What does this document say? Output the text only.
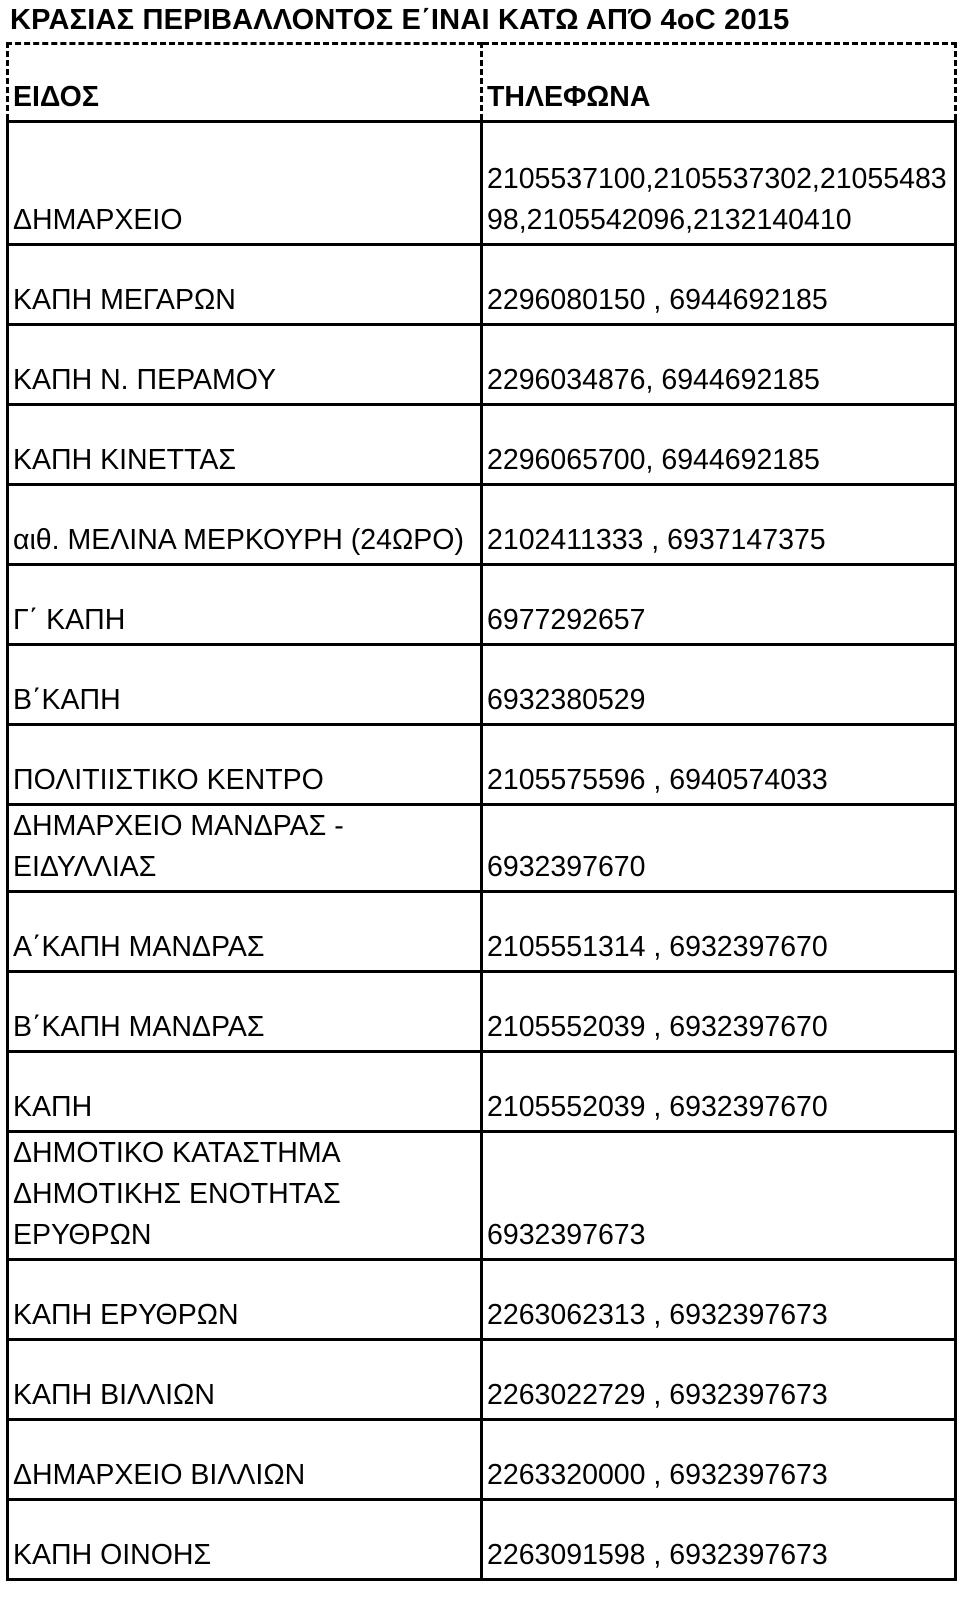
ΚΡΑΣΙΑΣ ΠΕΡΙΒΑΛΛΟΝΤΟΣ Ε΄ΙΝΑΙ ΚΑΤΩ ΑΠΌ 4oC 2015
ΕΙΔΟΣ	ΤΗΛΕΦΩΝΑ
ΔΗΜΑΡΧΕΙΟ	2105537100,2105537302,2105548398,2105542096,2132140410
ΚΑΠΗ ΜΕΓΑΡΩΝ	2296080150 , 6944692185
ΚΑΠΗ Ν. ΠΕΡΑΜΟΥ	2296034876, 6944692185
ΚΑΠΗ ΚΙΝΕΤΤΑΣ	2296065700, 6944692185
αιθ. ΜΕΛΙΝΑ ΜΕΡΚΟΥΡΗ (24ΩΡΟ)	2102411333 , 6937147375
Γ΄ ΚΑΠΗ	6977292657
Β΄ΚΑΠΗ	6932380529
ΠΟΛΙΤΙΙΣΤΙΚΟ ΚΕΝΤΡΟ	2105575596 , 6940574033
ΔΗΜΑΡΧΕΙΟ ΜΑΝΔΡΑΣ - ΕΙΔΥΛΛΙΑΣ	6932397670
Α΄ΚΑΠΗ ΜΑΝΔΡΑΣ	2105551314 , 6932397670
Β΄ΚΑΠΗ ΜΑΝΔΡΑΣ	2105552039 , 6932397670
ΚΑΠΗ	2105552039 , 6932397670
ΔΗΜΟΤΙΚΟ ΚΑΤΑΣΤΗΜΑ ΔΗΜΟΤΙΚΗΣ ΕΝΟΤΗΤΑΣ ΕΡΥΘΡΩΝ	6932397673
ΚΑΠΗ ΕΡΥΘΡΩΝ	2263062313 , 6932397673
ΚΑΠΗ ΒΙΛΛΙΩΝ	2263022729 , 6932397673
ΔΗΜΑΡΧΕΙΟ ΒΙΛΛΙΩΝ	2263320000 , 6932397673
ΚΑΠΗ ΟΙΝΟΗΣ	2263091598 , 6932397673
